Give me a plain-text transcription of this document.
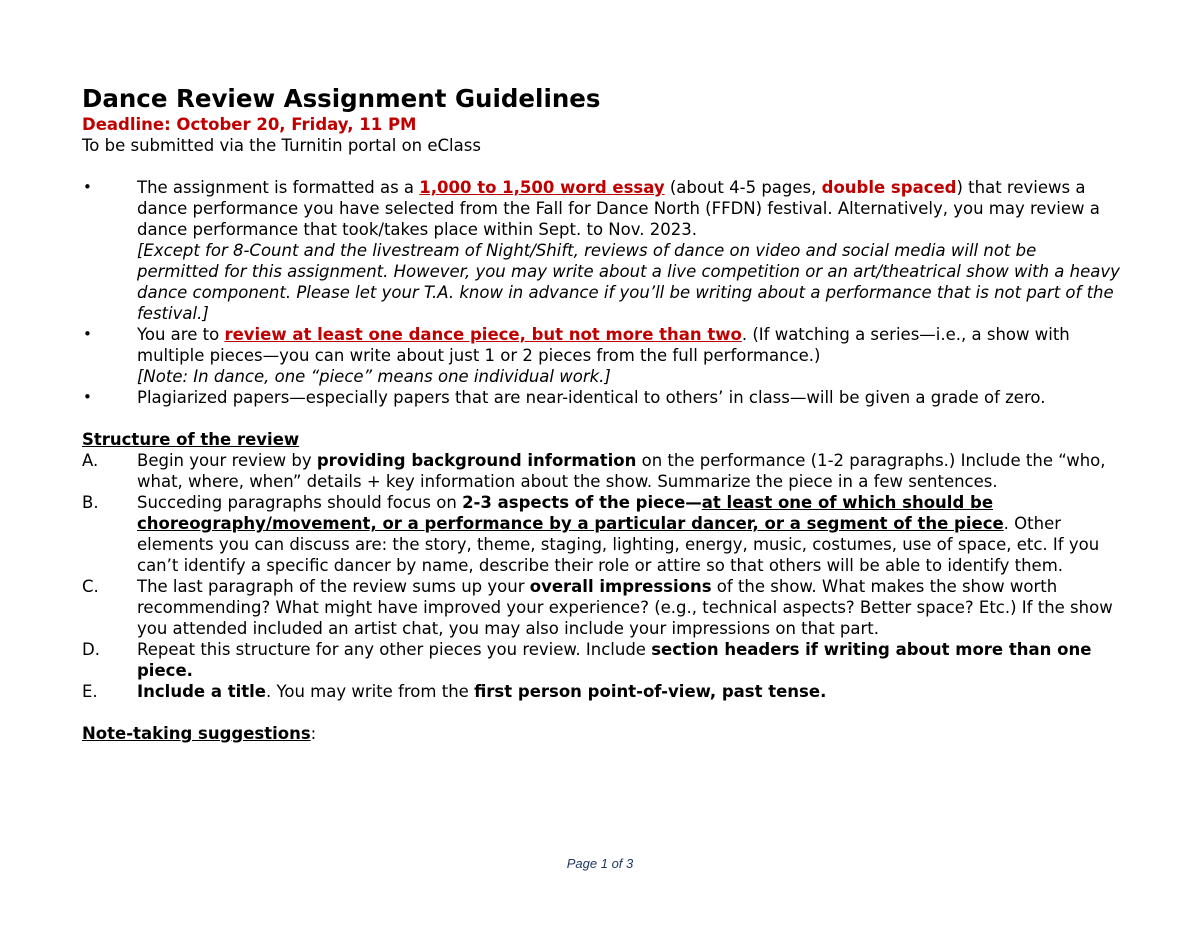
Dance Review Assignment Guidelines
Deadline: October 20, Friday, 11 PM
To be submitted via the Turnitin portal on eClass
•	The assignment is formatted as a 1,000 to 1,500 word essay (about 4-5 pages, double spaced) that reviews a dance performance you have selected from the Fall for Dance North (FFDN) festival. Alternatively, you may review a dance performance that took/takes place within Sept. to Nov. 2023.
[Except for 8-Count and the livestream of Night/Shift, reviews of dance on video and social media will not be permitted for this assignment. However, you may write about a live competition or an art/theatrical show with a heavy dance component. Please let your T.A. know in advance if you’ll be writing about a performance that is not part of the festival.]
•	You are to review at least one dance piece, but not more than two. (If watching a series—i.e., a show with multiple pieces—you can write about just 1 or 2 pieces from the full performance.)
[Note: In dance, one “piece” means one individual work.]
•	Plagiarized papers—especially papers that are near-identical to others’ in class—will be given a grade of zero.
Structure of the review
A.	Begin your review by providing background information on the performance (1-2 paragraphs.) Include the “who, what, where, when” details + key information about the show. Summarize the piece in a few sentences.
B.	Succeding paragraphs should focus on 2-3 aspects of the piece—at least one of which should be choreography/movement, or a performance by a particular dancer, or a segment of the piece. Other elements you can discuss are: the story, theme, staging, lighting, energy, music, costumes, use of space, etc. If you can’t identify a specific dancer by name, describe their role or attire so that others will be able to identify them.
C.	The last paragraph of the review sums up your overall impressions of the show. What makes the show worth recommending? What might have improved your experience? (e.g., technical aspects? Better space? Etc.) If the show you attended included an artist chat, you may also include your impressions on that part.
D.	Repeat this structure for any other pieces you review. Include section headers if writing about more than one piece.
E.	Include a title. You may write from the first person point-of-view, past tense.
Note-taking suggestions:
Page 1 of 3
